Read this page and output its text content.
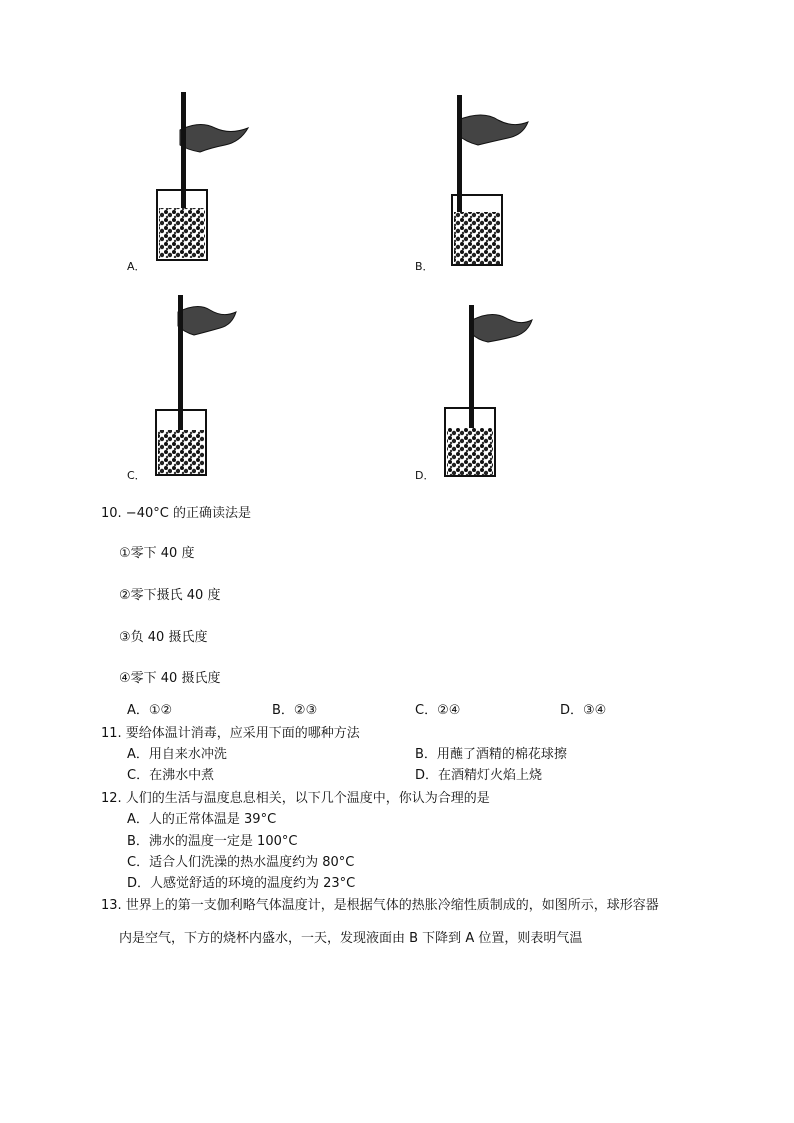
A．	B．
C．	D．
10. −40°C 的正确读法是
①零下 40 度
②零下摄氏 40 度
③负 40 摄氏度
④零下 40 摄氏度
A．①②	B．②③	C．②④	D．③④
11. 要给体温计消毒，应采用下面的哪种方法
A．用自来水冲洗	B．用蘸了酒精的棉花球擦
C．在沸水中煮	D．在酒精灯火焰上烧
12. 人们的生活与温度息息相关，以下几个温度中，你认为合理的是
A．人的正常体温是 39°C
B．沸水的温度一定是 100°C
C．适合人们洗澡的热水温度约为 80°C
D．人感觉舒适的环境的温度约为 23°C
13. 世界上的第一支伽利略气体温度计，是根据气体的热胀冷缩性质制成的，如图所示，球形容器
内是空气，下方的烧杯内盛水，一天，发现液面由 B 下降到 A 位置，则表明气温
